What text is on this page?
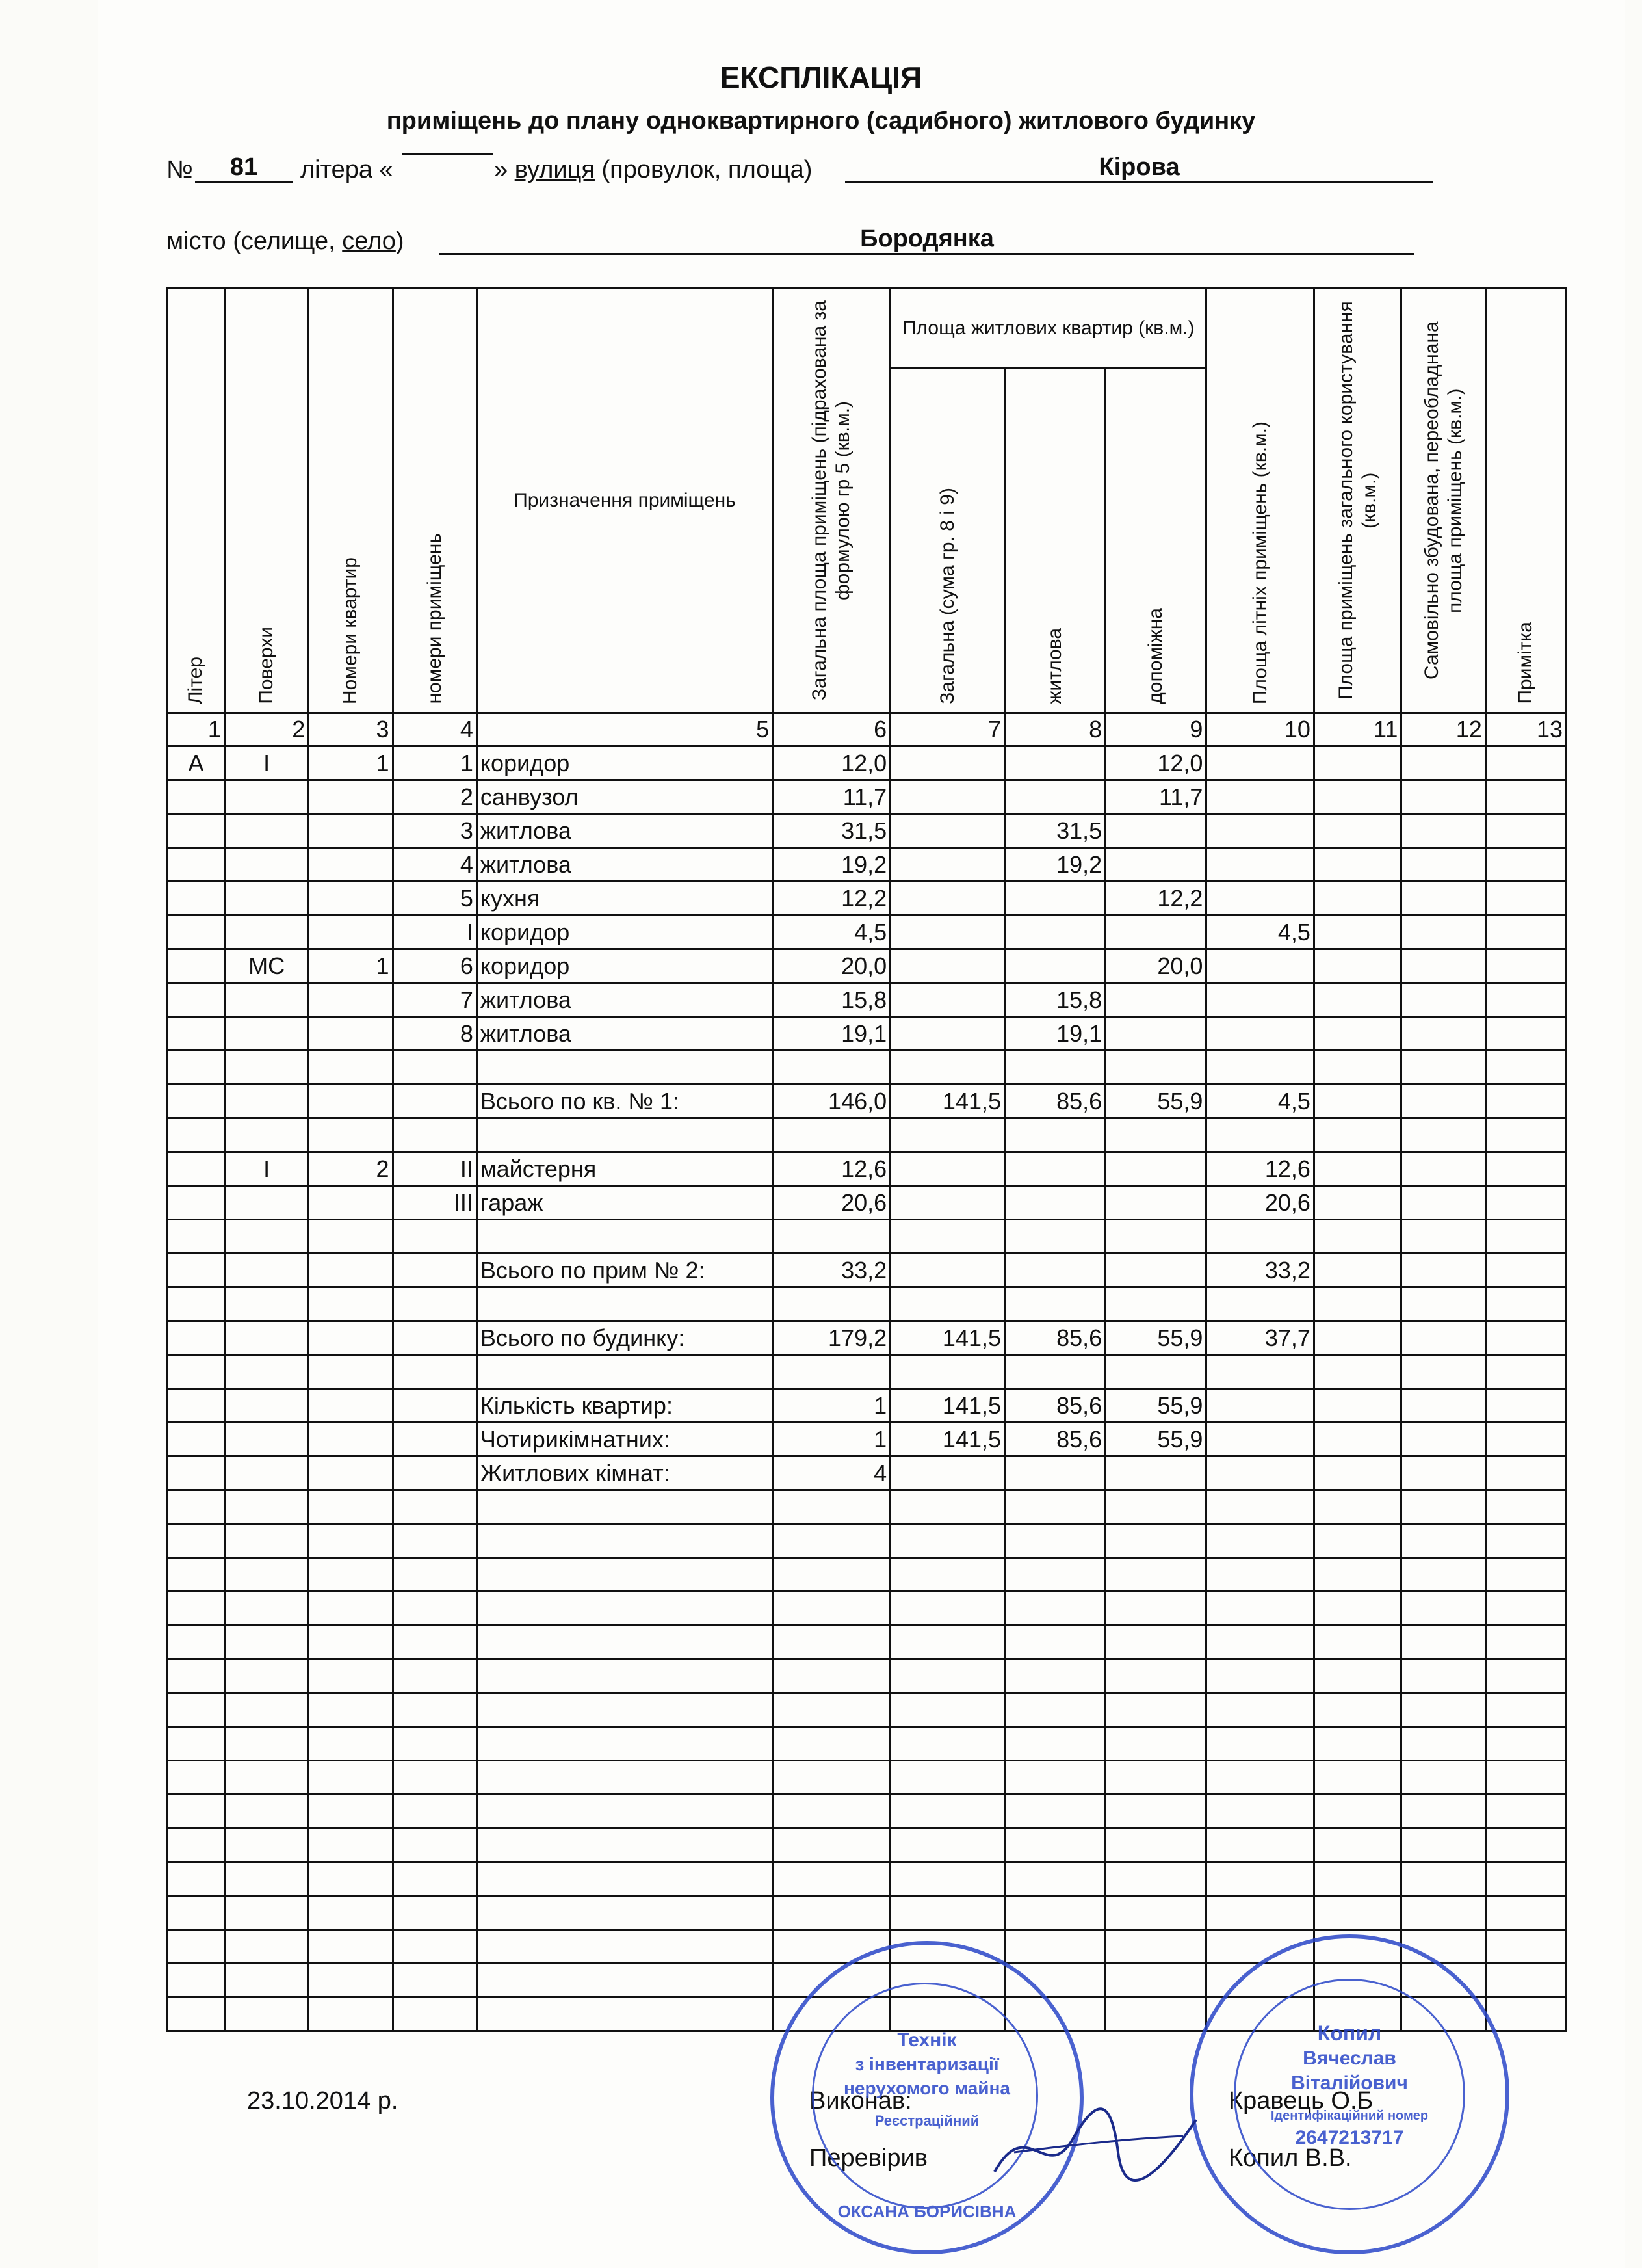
ЕКСПЛІКАЦІЯ
приміщень до плану одноквартирного (садибного) житлового будинку
№	81	літера «	» вулиця (провулок, площа)	Кірова
місто (селище, село)	Бородянка
Літер	Поверхи	Номери квартир	номери приміщень	Призначення приміщень	Загальна площа приміщень (підрахована за формулою гр 5 (кв.м.)	Площа житлових квартир (кв.м.)			Площа літніх приміщень (кв.м.)	Площа приміщень загального користування (кв.м.)	Самовільно збудована, переобладнана площа приміщень (кв.м.)	Примітка

						Загальна (сума гр. 8 і 9)	житлова	допоміжна				

1	2	3	4	5	6	7	8	9	10	11	12	13
А	І	1	1	коридор	12,0			12,0				
			2	санвузол	11,7			11,7				
			3	житлова	31,5		31,5					
			4	житлова	19,2		19,2					
			5	кухня	12,2			12,2				
			І	коридор	4,5				4,5			
	МС	1	6	коридор	20,0			20,0				
			7	житлова	15,8		15,8					
			8	житлова	19,1		19,1					

				Всього по кв. № 1:	146,0	141,5	85,6	55,9	4,5			

	І	2	ІІ	майстерня	12,6				12,6			
			ІІІ	гараж	20,6				20,6			

				Всього по прим № 2:	33,2				33,2			

				Всього по будинку:	179,2	141,5	85,6	55,9	37,7			

				Кількість квартир:	1	141,5	85,6	55,9				
				Чотирикімнатних:	1	141,5	85,6	55,9				
				Житлових кімнат:	4							

23.10.2014 р.	Виконав:	Кравець О.Б
Перевірив	Копил В.В.
Технік
з інвентаризації
нерухомого майна
Реєстраційний
ОКСАНА БОРИСІВНА
Копил
Вячеслав
Віталійович
Ідентифікаційний номер
2647213717
